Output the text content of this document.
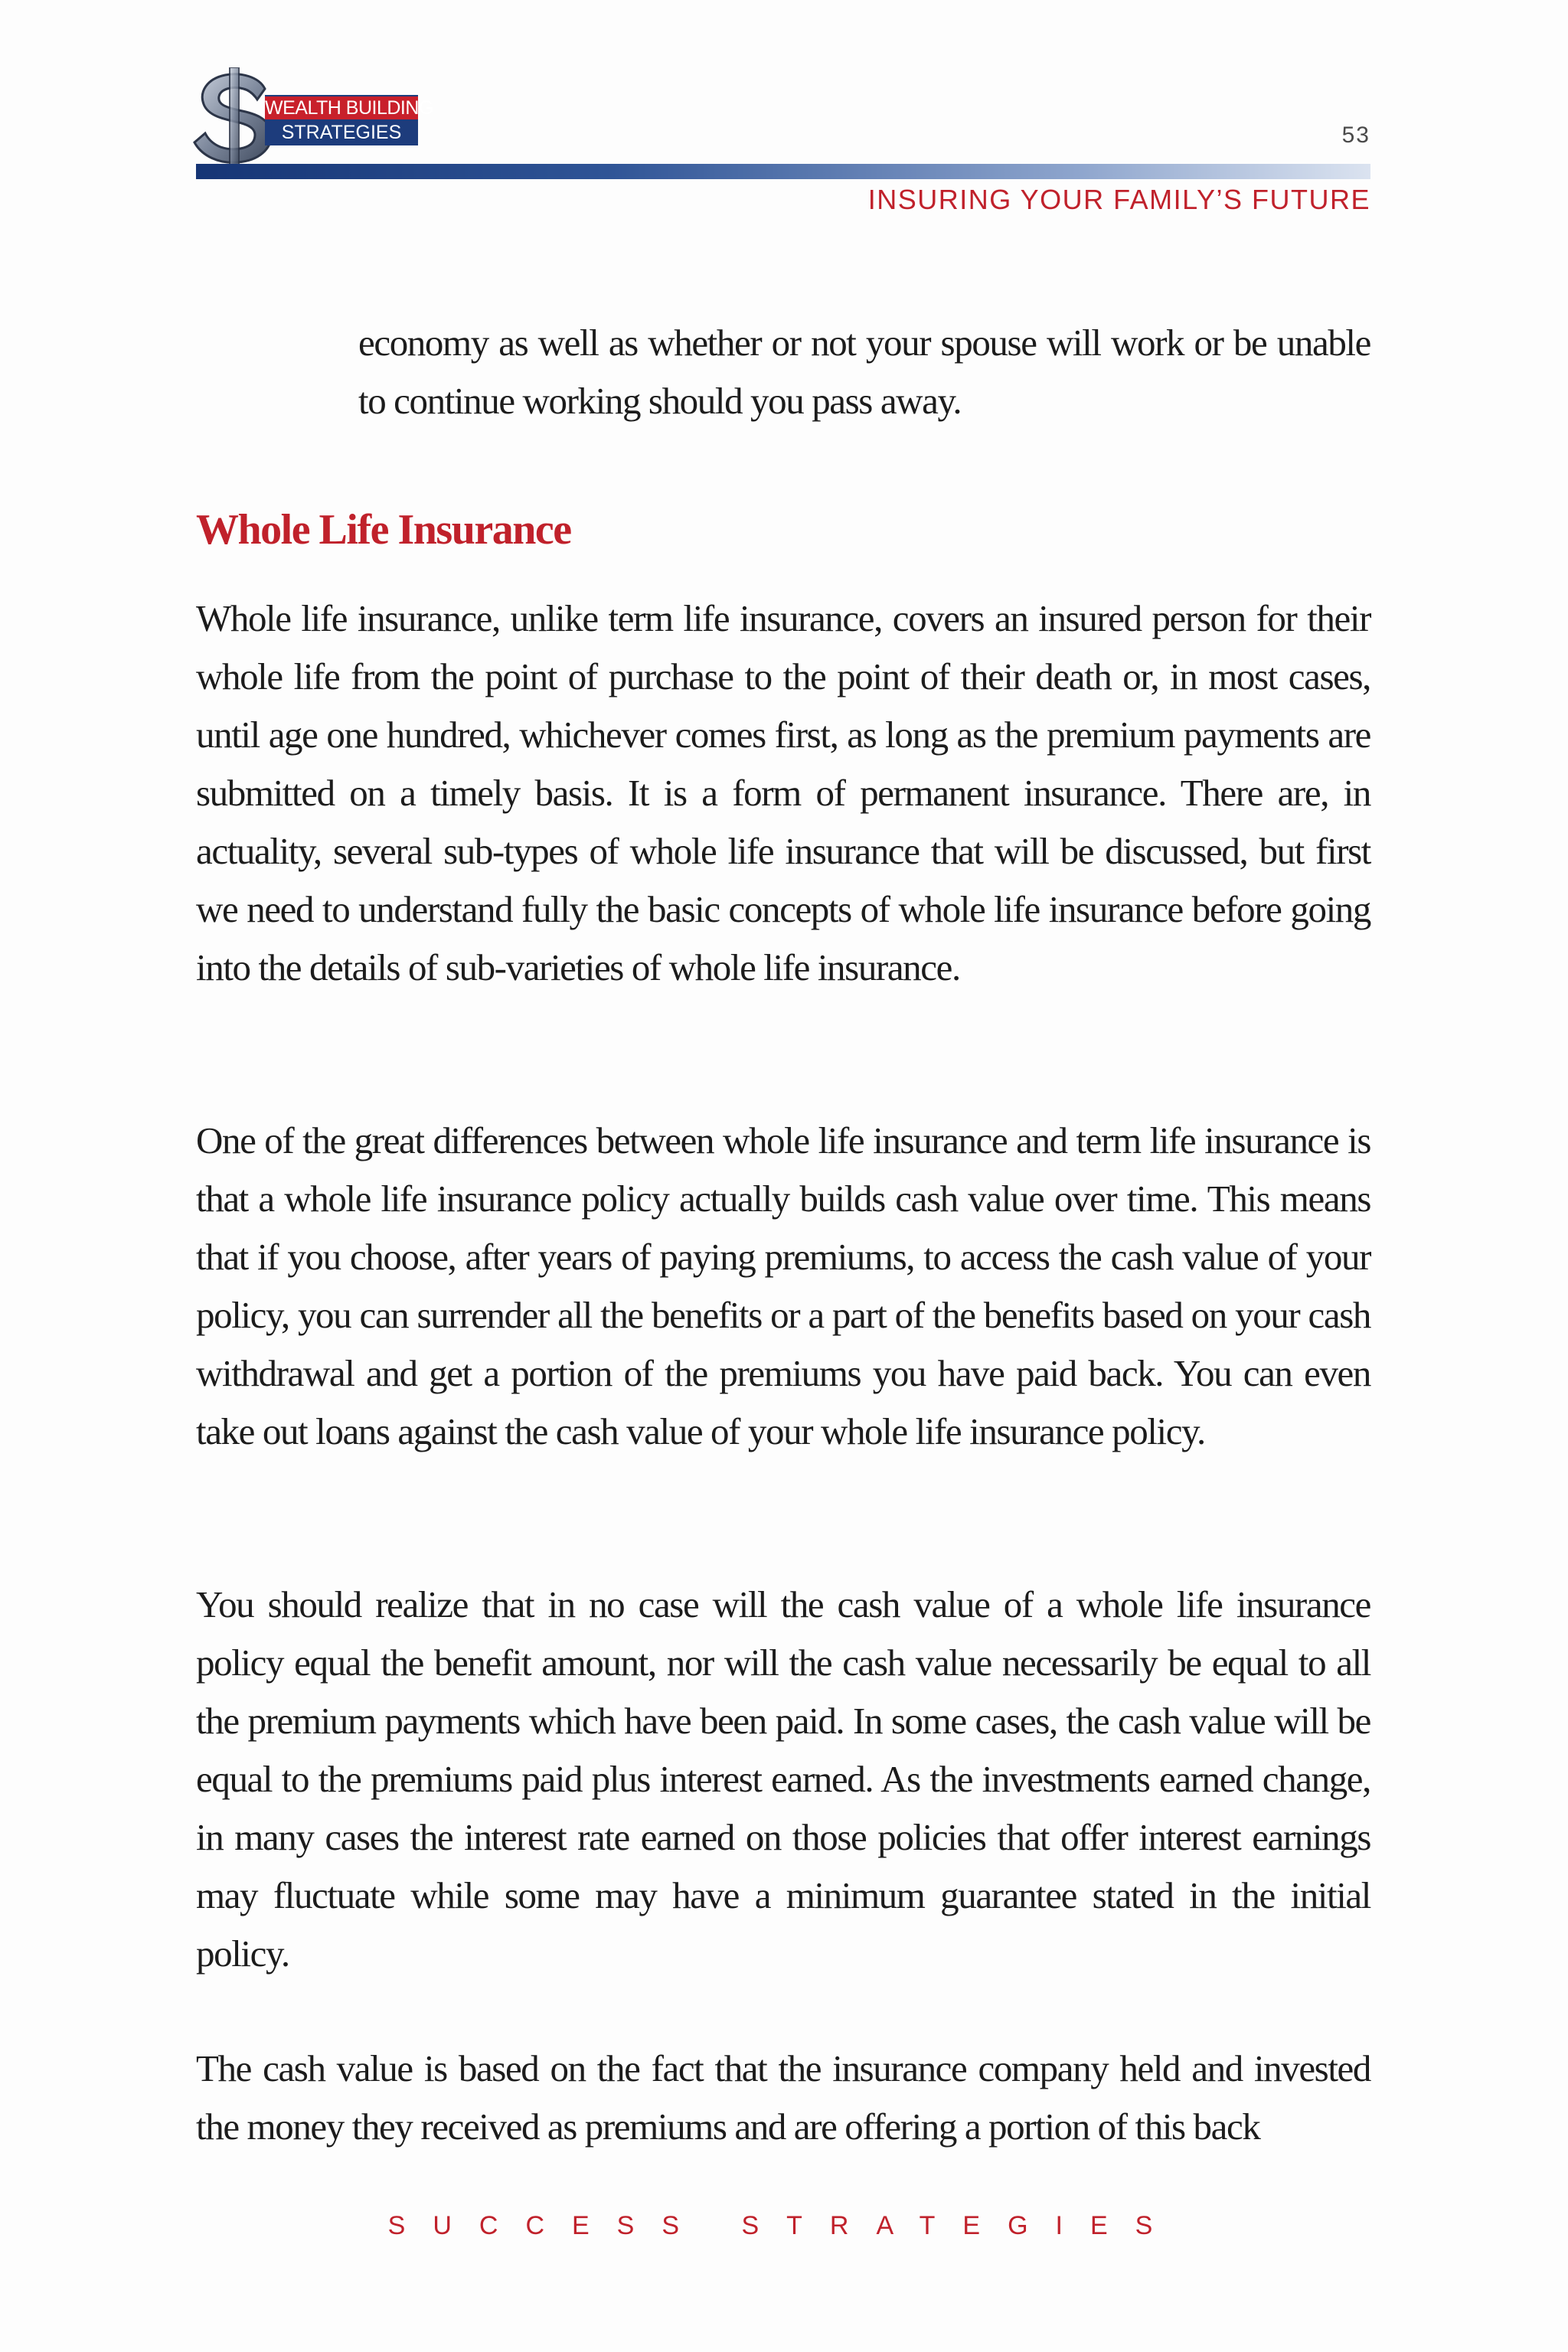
WEALTH BUILDING
STRATEGIES	53
INSURING YOUR FAMILY’S FUTURE

economy as well as whether or not your spouse will work or be unable to continue working should you pass away.

Whole Life Insurance

Whole life insurance, unlike term life insurance, covers an insured person for their whole life from the point of purchase to the point of their death or, in most cases, until age one hundred, whichever comes first, as long as the premium payments are submitted on a timely basis. It is a form of permanent insurance. There are, in actuality, several sub-types of whole life insurance that will be discussed, but first we need to understand fully the basic concepts of whole life insurance before going into the details of sub-varieties of whole life insurance.

One of the great differences between whole life insurance and term life insurance is that a whole life insurance policy actually builds cash value over time. This means that if you choose, after years of paying premiums, to access the cash value of your policy, you can surrender all the benefits or a part of the benefits based on your cash withdrawal and get a portion of the premiums you have paid back. You can even take out loans against the cash value of your whole life insurance policy.

You should realize that in no case will the cash value of a whole life insurance policy equal the benefit amount, nor will the cash value necessarily be equal to all the premium payments which have been paid. In some cases, the cash value will be equal to the premiums paid plus interest earned. As the investments earned change, in many cases the interest rate earned on those policies that offer interest earnings may fluctuate while some may have a minimum guarantee stated in the initial policy.

The cash value is based on the fact that the insurance company held and invested the money they received as premiums and are offering a portion of this back

SUCCESS STRATEGIES
